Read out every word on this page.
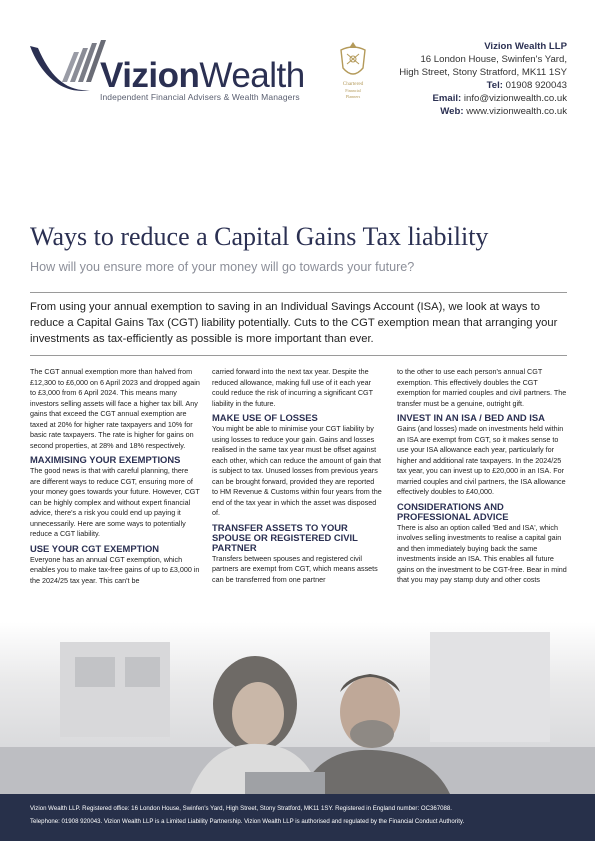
VizionWealth
Independent Financial Advisers & Wealth Managers
Chartered
Financial
Planners
Vizion Wealth LLP
16 London House, Swinfen's Yard,
High Street, Stony Stratford, MK11 1SY
Tel: 01908 920043
Email: info@vizionwealth.co.uk
Web: www.vizionwealth.co.uk
Ways to reduce a Capital Gains Tax liability
How will you ensure more of your money will go towards your future?
From using your annual exemption to saving in an Individual Savings Account (ISA), we look at ways to reduce a Capital Gains Tax (CGT) liability potentially. Cuts to the CGT exemption mean that arranging your investments as tax-efficiently as possible is more important than ever.

The CGT annual exemption more than halved from £12,300 to £6,000 on 6 April 2023 and dropped again to £3,000 from 6 April 2024. This means many investors selling assets will face a higher tax bill. Any gains that exceed the CGT annual exemption are taxed at 20% for higher rate taxpayers and 10% for basic rate taxpayers. The rate is higher for gains on second properties, at 28% and 18% respectively.

MAXIMISING YOUR EXEMPTIONS

The good news is that with careful planning, there are different ways to reduce CGT, ensuring more of your money goes towards your future. However, CGT can be highly complex and without expert financial advice, there's a risk you could end up paying it unnecessarily. Here are some ways to potentially reduce a CGT liability.

USE YOUR CGT EXEMPTION

Everyone has an annual CGT exemption, which enables you to make tax-free gains of up to £3,000 in the 2024/25 tax year. This can't be

carried forward into the next tax year. Despite the reduced allowance, making full use of it each year could reduce the risk of incurring a significant CGT liability in the future.

MAKE USE OF LOSSES

You might be able to minimise your CGT liability by using losses to reduce your gain. Gains and losses realised in the same tax year must be offset against each other, which can reduce the amount of gain that is subject to tax. Unused losses from previous years can be brought forward, provided they are reported to HM Revenue & Customs within four years from the end of the tax year in which the asset was disposed of.

TRANSFER ASSETS TO YOUR SPOUSE OR REGISTERED CIVIL PARTNER

Transfers between spouses and registered civil partners are exempt from CGT, which means assets can be transferred from one partner

to the other to use each person's annual CGT exemption. This effectively doubles the CGT exemption for married couples and civil partners. The transfer must be a genuine, outright gift.

INVEST IN AN ISA / BED AND ISA

Gains (and losses) made on investments held within an ISA are exempt from CGT, so it makes sense to use your ISA allowance each year, particularly for higher and additional rate taxpayers. In the 2024/25 tax year, you can invest up to £20,000 in an ISA. For married couples and civil partners, the ISA allowance effectively doubles to £40,000.

CONSIDERATIONS AND PROFESSIONAL ADVICE

There is also an option called 'Bed and ISA', which involves selling investments to realise a capital gain and then immediately buying back the same investments inside an ISA. This enables all future gains on the investment to be CGT-free. Bear in mind that you may pay stamp duty and other costs

Vizion Wealth LLP. Registered office: 16 London House, Swinfen's Yard, High Street, Stony Stratford, MK11 1SY. Registered in England number: OC367088.
Telephone: 01908 920043. Vizion Wealth LLP is a Limited Liability Partnership. Vizion Wealth LLP is authorised and regulated by the Financial Conduct Authority.
